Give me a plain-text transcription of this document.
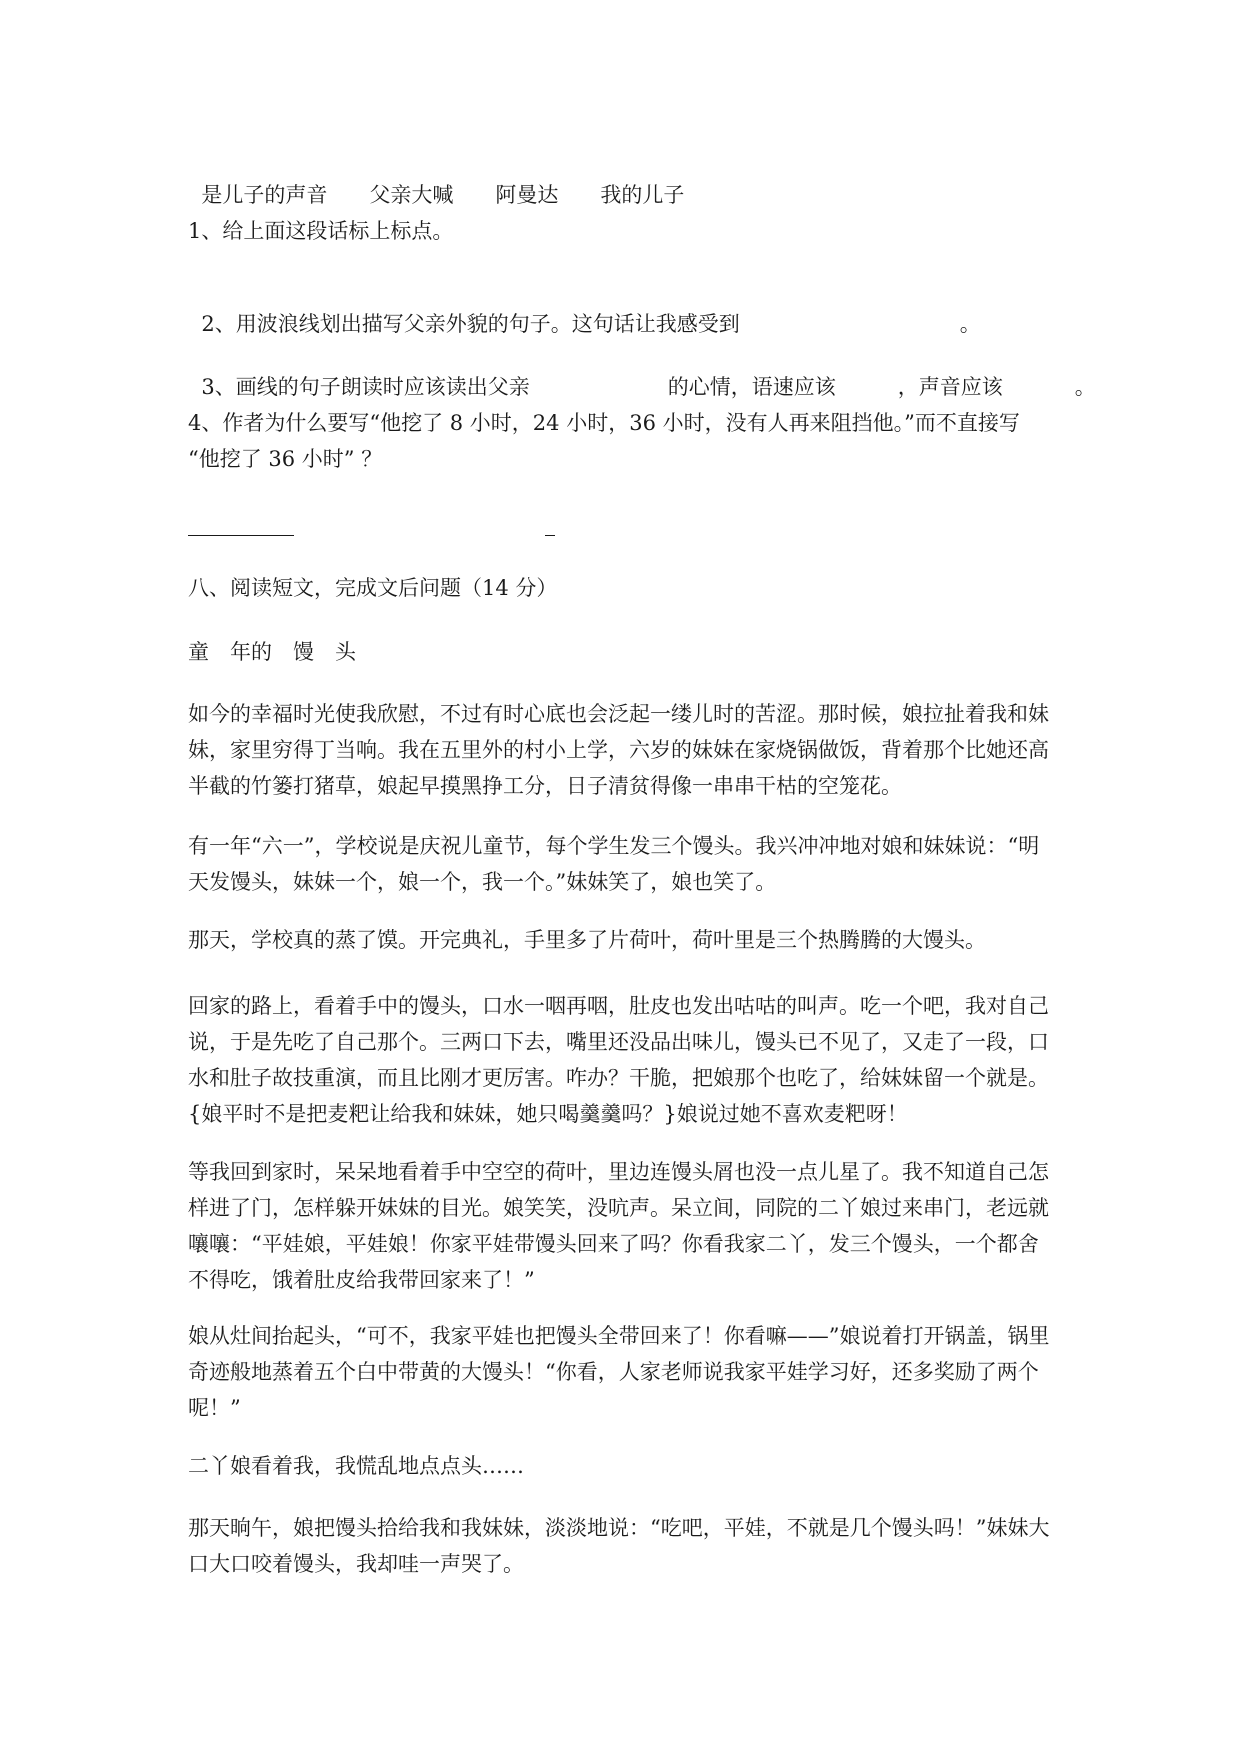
是儿子的声音 父亲大喊 阿曼达 我的儿子

1、给上面这段话标上标点。

2、用波浪线划出描写父亲外貌的句子。这句话让我感受到	。

3、画线的句子朗读时应该读出父亲	的心情，语速应该	，声音应该	。

4、作者为什么要写“他挖了 8 小时，24 小时，36 小时，没有人再来阻挡他。”而不直接写
“他挖了 36 小时” ？
八、阅读短文，完成文后问题（14 分）
童　年的　馒　头
如今的幸福时光使我欣慰，不过有时心底也会泛起一缕儿时的苦涩。那时候，娘拉扯着我和妹妹，家里穷得丁当响。我在五里外的村小上学，六岁的妹妹在家烧锅做饭，背着那个比她还高半截的竹篓打猪草，娘起早摸黑挣工分，日子清贫得像一串串干枯的空笼花。
有一年“六一”，学校说是庆祝儿童节，每个学生发三个馒头。我兴冲冲地对娘和妹妹说：“明天发馒头，妹妹一个，娘一个，我一个。”妹妹笑了，娘也笑了。
那天，学校真的蒸了馍。开完典礼，手里多了片荷叶，荷叶里是三个热腾腾的大馒头。
回家的路上，看着手中的馒头，口水一咽再咽，肚皮也发出咕咕的叫声。吃一个吧，我对自己说，于是先吃了自己那个。三两口下去，嘴里还没品出味儿，馒头已不见了，又走了一段，口水和肚子故技重演，而且比刚才更厉害。咋办？干脆，把娘那个也吃了，给妹妹留一个就是。{娘平时不是把麦粑让给我和妹妹，她只喝羹羹吗？}娘说过她不喜欢麦粑呀！
等我回到家时，呆呆地看着手中空空的荷叶，里边连馒头屑也没一点儿星了。我不知道自己怎样进了门，怎样躲开妹妹的目光。娘笑笑，没吭声。呆立间，同院的二丫娘过来串门，老远就嚷嚷：“平娃娘，平娃娘！你家平娃带馒头回来了吗？你看我家二丫，发三个馒头，一个都舍不得吃，饿着肚皮给我带回家来了！”
娘从灶间抬起头，“可不，我家平娃也把馒头全带回来了！你看嘛——”娘说着打开锅盖，锅里奇迹般地蒸着五个白中带黄的大馒头！“你看，人家老师说我家平娃学习好，还多奖励了两个呢！”
二丫娘看着我，我慌乱地点点头……
那天晌午，娘把馒头拾给我和我妹妹，淡淡地说：“吃吧，平娃，不就是几个馒头吗！”妹妹大口大口咬着馒头，我却哇一声哭了。
